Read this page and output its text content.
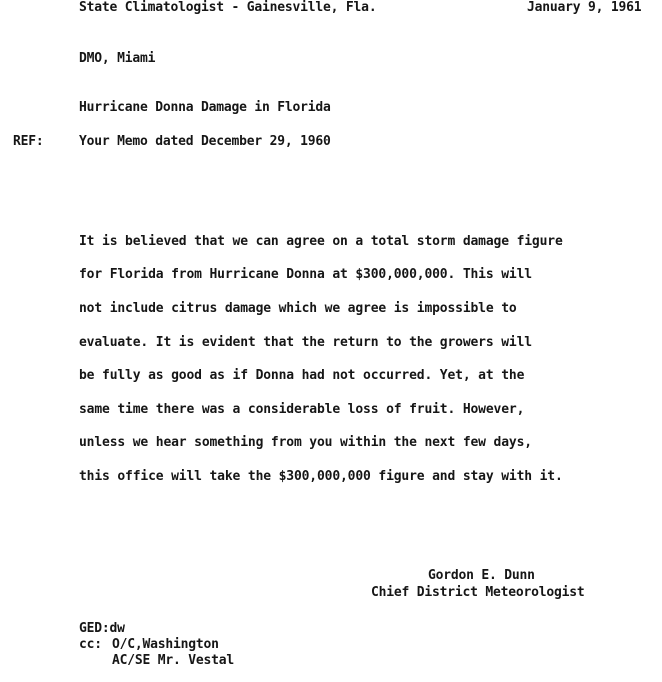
State Climatologist - Gainesville, Fla.	January 9, 1961
DMO, Miami
Hurricane Donna Damage in Florida
REF:	Your Memo dated December 29, 1960
It is believed that we can agree on a total storm damage figure
for Florida from Hurricane Donna at $300,000,000. This will
not include citrus damage which we agree is impossible to
evaluate. It is evident that the return to the growers will
be fully as good as if Donna had not occurred. Yet, at the
same time there was a considerable loss of fruit. However,
unless we hear something from you within the next few days,
this office will take the $300,000,000 figure and stay with it.
Gordon E. Dunn
Chief District Meteorologist
GED:dw
cc: O/C,Washington
AC/SE Mr. Vestal
